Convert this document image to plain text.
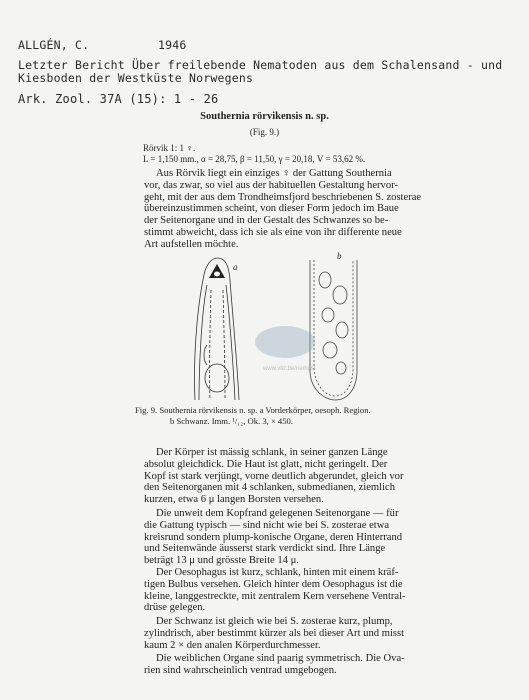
ALLGÉN, C.	1946
Letzter Bericht Über freilebende Nematoden aus dem Schalensand - und
Kiesboden der Westküste Norwegens
Ark. Zool. 37A (15): 1 - 26
Southernia rörvikensis n. sp.
(Fig. 9.)
Rörvik 1: 1 ♀.
L = 1,150 mm., α = 28,75, β = 11,50, γ = 20,18, V = 53,62 %.
Aus Rörvik liegt ein einziges ♀ der Gattung Southernia
vor, das zwar, so viel aus der habituellen Gestaltung hervor-
geht, mit der aus dem Trondheimsfjord beschriebenen S. zosterae
übereinzustimmen scheint, von dieser Form jedoch im Baue
der Seitenorgane und in der Gestalt des Schwanzes so be-
stimmt abweicht, dass ich sie als eine von ihr differente neue
Art aufstellen möchte.
a
b
www.vliz.be/nemys/
Fig. 9. Southernia rörvikensis n. sp. a Vorderkörper, oesoph. Region.
b Schwanz. Imm. ¹/₁₂, Ok. 3, × 450.
Der Körper ist mässig schlank, in seiner ganzen Länge
absolut gleichdick. Die Haut ist glatt, nicht geringelt. Der
Kopf ist stark verjüngt, vorne deutlich abgerundet, gleich vor
den Seitenorganen mit 4 schlanken, submedianen, ziemlich
kurzen, etwa 6 μ langen Borsten versehen.
Die unweit dem Kopfrand gelegenen Seitenorgane — für
die Gattung typisch — sind nicht wie bei S. zosterae etwa
kreisrund sondern plump-konische Organe, deren Hinterrand
und Seitenwände äusserst stark verdickt sind. Ihre Länge
beträgt 13 μ und grösste Breite 14 μ.
Der Oesophagus ist kurz, schlank, hinten mit einem kräf-
tigen Bulbus versehen. Gleich hinter dem Oesophagus ist die
kleine, langgestreckte, mit zentralem Kern versehene Ventral-
drüse gelegen.
Der Schwanz ist gleich wie bei S. zosterae kurz, plump,
zylindrisch, aber bestimmt kürzer als bei dieser Art und misst
kaum 2 × den analen Körperdurchmesser.
Die weiblichen Organe sind paarig symmetrisch. Die Ova-
rien sind wahrscheinlich ventrad umgebogen.
